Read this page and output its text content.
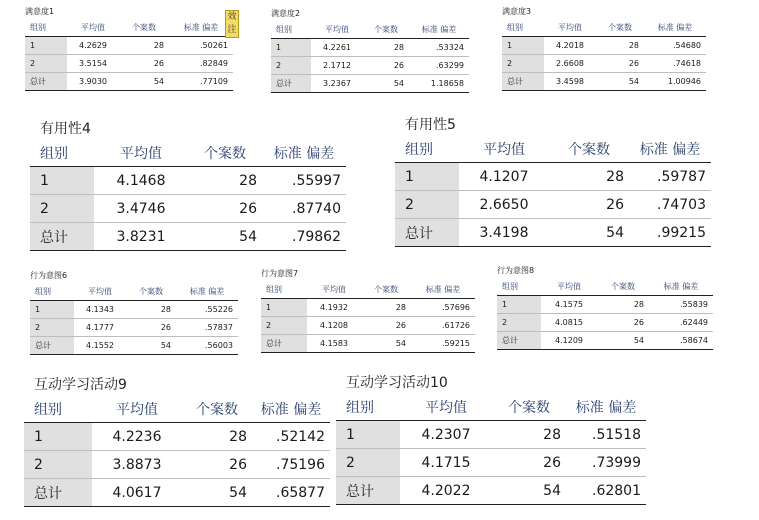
满意度1
组别	平均值	个案数	标准 偏差
1	4.2629	28	.50261
2	3.5154	26	.82849
总计	3.9030	54	.77109
效
注
满意度2
组别	平均值	个案数	标准 偏差
1	4.2261	28	.53324
2	2.1712	26	.63299
总计	3.2367	54	1.18658
满意度3
组别	平均值	个案数	标准 偏差
1	4.2018	28	.54680
2	2.6608	26	.74618
总计	3.4598	54	1.00946
有用性4
组别	平均值	个案数	标准 偏差
1	4.1468	28	.55997
2	3.4746	26	.87740
总计	3.8231	54	.79862
有用性5
组别	平均值	个案数	标准 偏差
1	4.1207	28	.59787
2	2.6650	26	.74703
总计	3.4198	54	.99215
行为意图6
组别	平均值	个案数	标准 偏差
1	4.1343	28	.55226
2	4.1777	26	.57837
总计	4.1552	54	.56003
行为意图7
组别	平均值	个案数	标准 偏差
1	4.1932	28	.57696
2	4.1208	26	.61726
总计	4.1583	54	.59215
行为意图8
组别	平均值	个案数	标准 偏差
1	4.1575	28	.55839
2	4.0815	26	.62449
总计	4.1209	54	.58674
互动学习活动9
组别	平均值	个案数	标准 偏差
1	4.2236	28	.52142
2	3.8873	26	.75196
总计	4.0617	54	.65877
互动学习活动10
组别	平均值	个案数	标准 偏差
1	4.2307	28	.51518
2	4.1715	26	.73999
总计	4.2022	54	.62801
